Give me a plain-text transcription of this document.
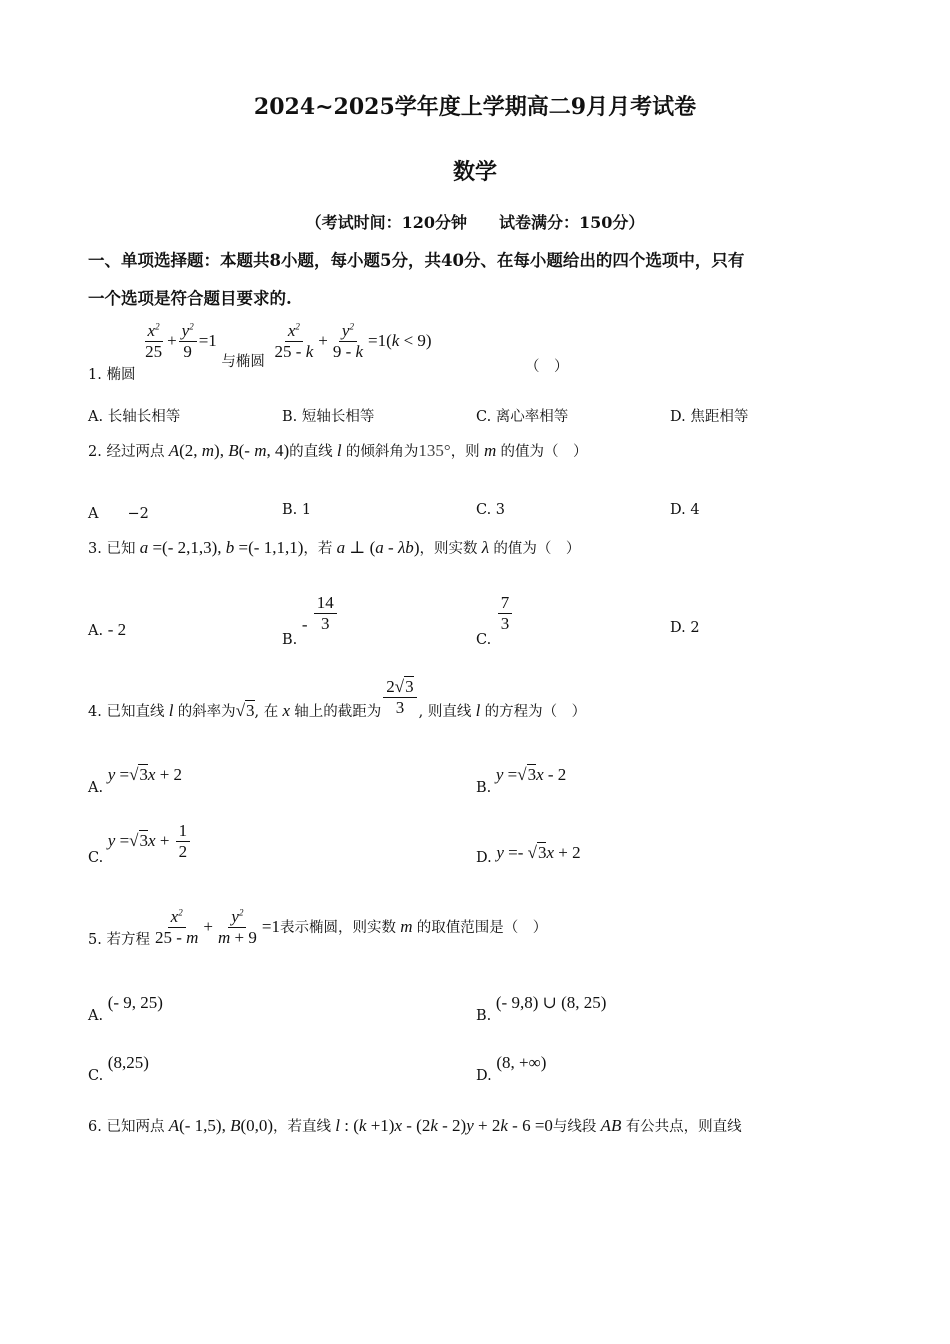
2024~2025学年度上学期高二9月月考试卷
数学
（考试时间：120分钟　　试卷满分：150分）
一、单项选择题：本题共8小题，每小题5分，共40分、在每小题给出的四个选项中，只有
一个选项是符合题目要求的.
1. 椭圆
$\frac{x^2}{25} + \frac{y^2}{9} =1$ 与椭圆 $\frac{x^2}{25 - k} + \frac{y^2}{9 - k} =1(k < 9)$
（　）
A. 长轴长相等	B. 短轴长相等	C. 离心率相等	D. 焦距相等
2. 经过两点 A(2, m), B(- m, 4)的直线 l 的倾斜角为135°，则 m 的值为（　）
A　　−2	B. 1	C. 3	D. 4
3. 已知 a =(- 2,1,3), b =(- 1,1,1)，若 a ⊥ (a - λb)，则实数 λ 的值为（　）
A. - 2
B. - $\frac{14}{3}$
C.
$\frac{7}{3}$	D. 2
4. 已知直线 l 的斜率为√3, 在 x 轴上的截距为 $\frac{2√3}{3}$ , 则直线 l 的方程为（　）
A. y =√3x + 2
B. y =√3x - 2
C. $y =√3x + \frac{1}{2}$	D. y =- √3x + 2
5. 若方程 $\frac{x^2}{25 - m} + \frac{y^2}{m + 9} =1$表示椭圆，则实数 m 的取值范围是（　）
A. (- 9, 25)
B. (- 9,8) ∪ (8, 25)
C. (8,25)
D. (8, +∞)
6. 已知两点 A(- 1,5), B(0,0)，若直线 l : (k +1)x - (2k - 2)y + 2k - 6 =0与线段 AB 有公共点，则直线
